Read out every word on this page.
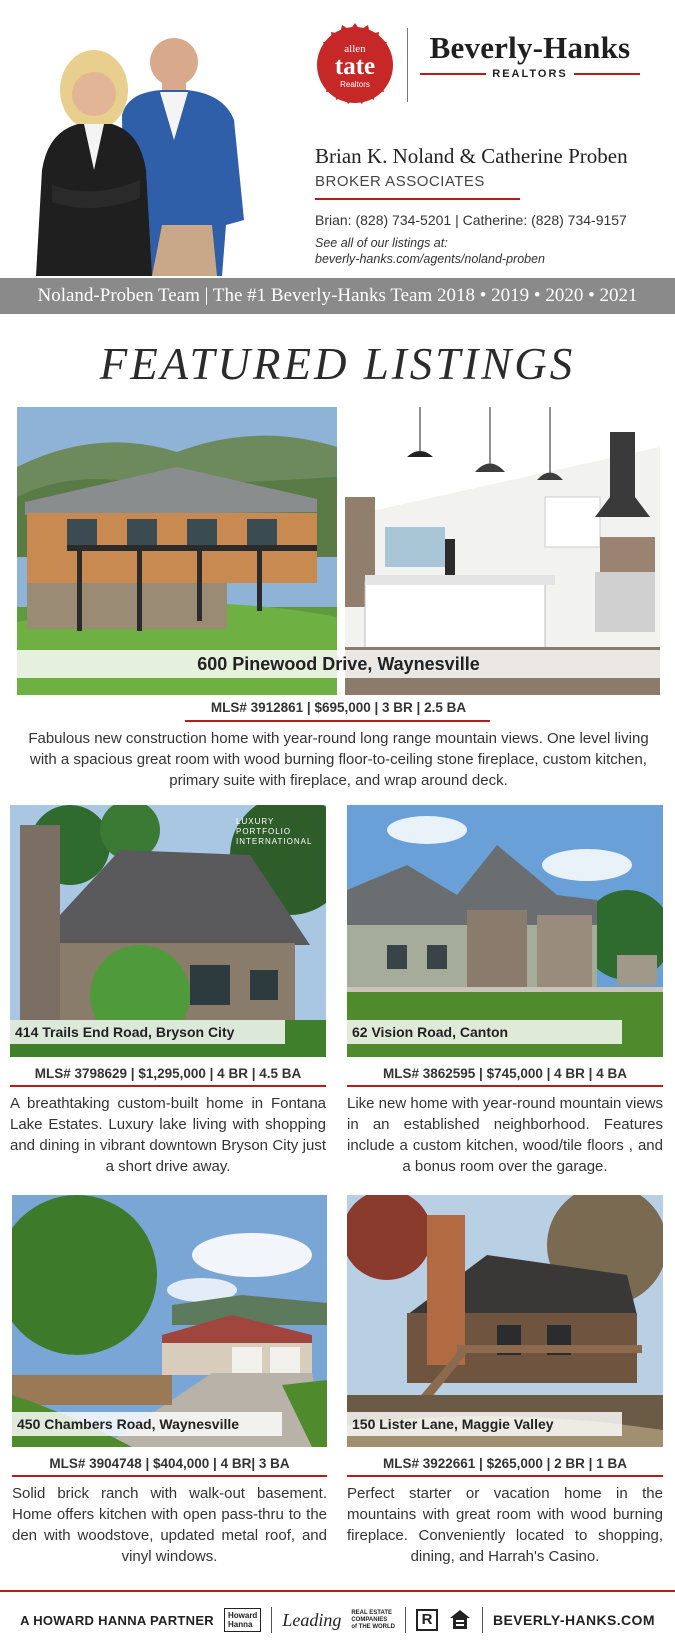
allen
tate
Realtors
Beverly-Hanks
REALTORS
Brian K. Noland & Catherine Proben
BROKER ASSOCIATES
Brian: (828) 734-5201 | Catherine: (828) 734-9157
See all of our listings at:
beverly-hanks.com/agents/noland-proben
Noland-Proben Team | The #1 Beverly-Hanks Team 2018 • 2019 • 2020 • 2021
FEATURED LISTINGS
600 Pinewood Drive, Waynesville
MLS# 3912861 | $695,000 | 3 BR | 2.5 BA
Fabulous new construction home with year-round long range mountain views. One level living with a spacious great room with wood burning floor-to-ceiling stone fireplace, custom kitchen, primary suite with fireplace, and wrap around deck.
LUXURY PORTFOLIO INTERNATIONAL
414 Trails End Road, Bryson City
MLS# 3798629 | $1,295,000 | 4 BR | 4.5 BA
A breathtaking custom-built home in Fontana Lake Estates. Luxury lake living with shopping and dining in vibrant downtown Bryson City just a short drive away.
62 Vision Road, Canton
MLS# 3862595 | $745,000 | 4 BR | 4 BA
Like new home with year-round mountain views in an established neighborhood. Features include a custom kitchen, wood/tile floors , and a bonus room over the garage.
450 Chambers Road, Waynesville
MLS# 3904748 | $404,000 | 4 BR| 3 BA
Solid brick ranch with walk-out basement. Home offers kitchen with open pass-thru to the den with woodstove, updated metal roof, and vinyl windows.
150 Lister Lane, Maggie Valley
MLS# 3922661 | $265,000 | 2 BR | 1 BA
Perfect starter or vacation home in the mountains with great room with wood burning fireplace. Conveniently located to shopping, dining, and Harrah's Casino.
A HOWARD HANNA PARTNER Howard
Hanna Leading REAL ESTATE
COMPANIES
of THE WORLD	R	BEVERLY-HANKS.COM
